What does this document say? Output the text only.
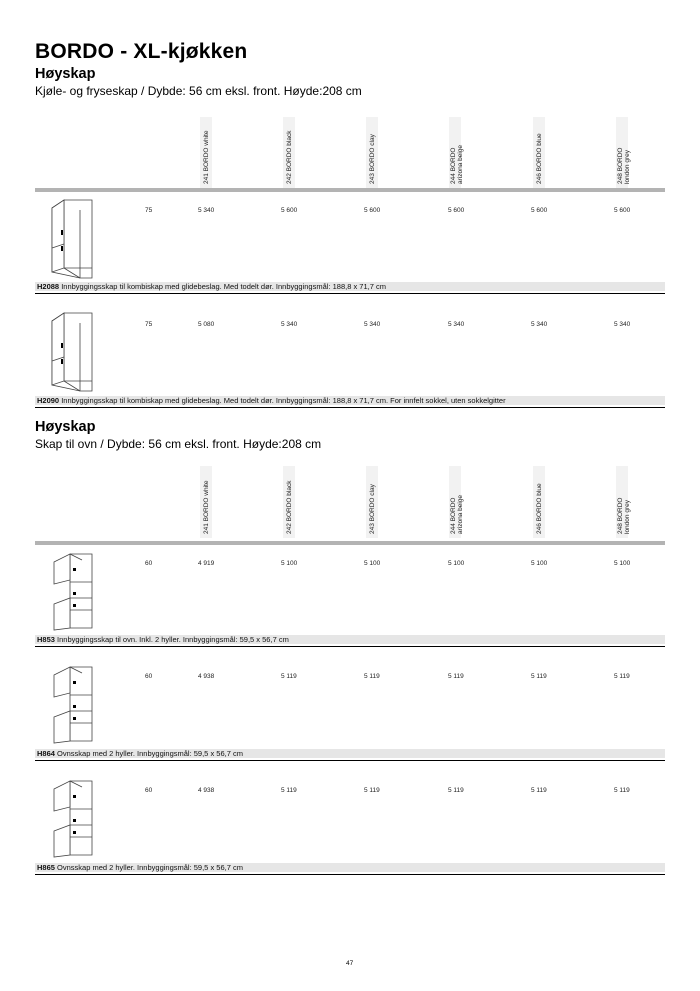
BORDO - XL-kjøkken
Høyskap
Kjøle- og fryseskap / Dybde: 56 cm eksl. front. Høyde:208 cm
241 BORDO white	242 BORDO black	243 BORDO clay	244 BORDO arizona beige	246 BORDO blue	248 BORDO london grey
75	5 340	5 600	5 600	5 600	5 600	5 600
H2088 Innbyggingsskap til kombiskap med glidebeslag. Med todelt dør. Innbyggingsmål: 188,8 x 71,7 cm
75	5 080	5 340	5 340	5 340	5 340	5 340
H2090 Innbyggingsskap til kombiskap med glidebeslag. Med todelt dør. Innbyggingsmål: 188,8 x 71,7 cm. For innfelt sokkel, uten sokkelgitter
Høyskap
Skap til ovn / Dybde: 56 cm eksl. front. Høyde:208 cm
241 BORDO white	242 BORDO black	243 BORDO clay	244 BORDO arizona beige	246 BORDO blue	248 BORDO london grey
60	4 919	5 100	5 100	5 100	5 100	5 100
H853 Innbyggingsskap til ovn. Inkl. 2 hyller. Innbyggingsmål: 59,5 x 56,7 cm
60	4 938	5 119	5 119	5 119	5 119	5 119
H864 Ovnsskap med 2 hyller. Innbyggingsmål: 59,5 x 56,7 cm
60	4 938	5 119	5 119	5 119	5 119	5 119
H865 Ovnsskap med 2 hyller. Innbyggingsmål: 59,5 x 56,7 cm
47
